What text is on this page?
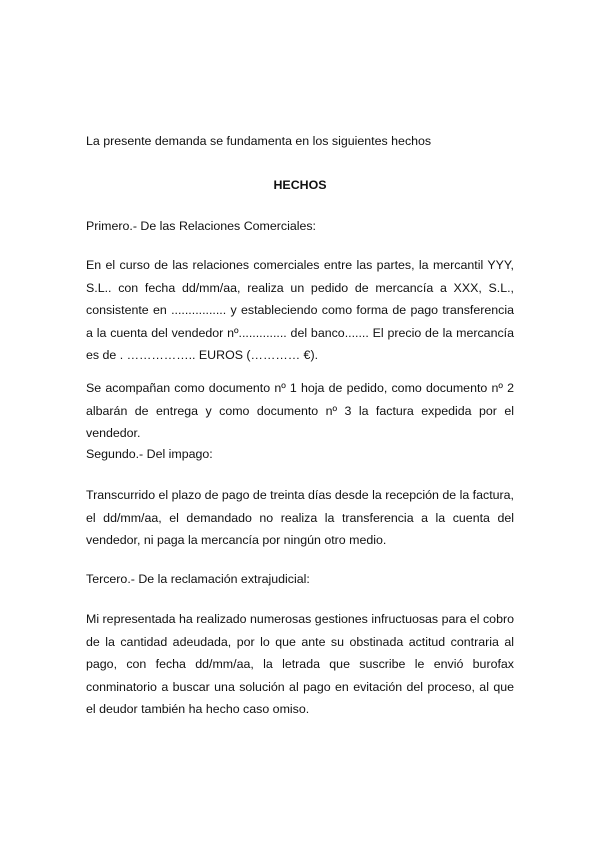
La presente demanda se fundamenta en los siguientes hechos

HECHOS

Primero.- De las Relaciones Comerciales:

En el curso de las relaciones comerciales entre las partes, la mercantil YYY, S.L.. con fecha dd/mm/aa, realiza un pedido de mercancía a XXX, S.L., consistente en ................ y estableciendo como forma de pago transferencia a la cuenta del vendedor nº.............. del banco....... El precio de la mercancía es de . …………….. EUROS (………… €).

Se acompañan como documento nº 1 hoja de pedido, como documento nº 2 albarán de entrega y como documento nº 3 la factura expedida por el vendedor.

Segundo.- Del impago:

Transcurrido el plazo de pago de treinta días desde la recepción de la factura, el dd/mm/aa, el demandado no realiza la transferencia a la cuenta del vendedor, ni paga la mercancía por ningún otro medio.

Tercero.- De la reclamación extrajudicial:

Mi representada ha realizado numerosas gestiones infructuosas para el cobro de la cantidad adeudada, por lo que ante su obstinada actitud contraria al pago, con fecha dd/mm/aa, la letrada que suscribe le envió burofax conminatorio a buscar una solución al pago en evitación del proceso, al que el deudor también ha hecho caso omiso.
